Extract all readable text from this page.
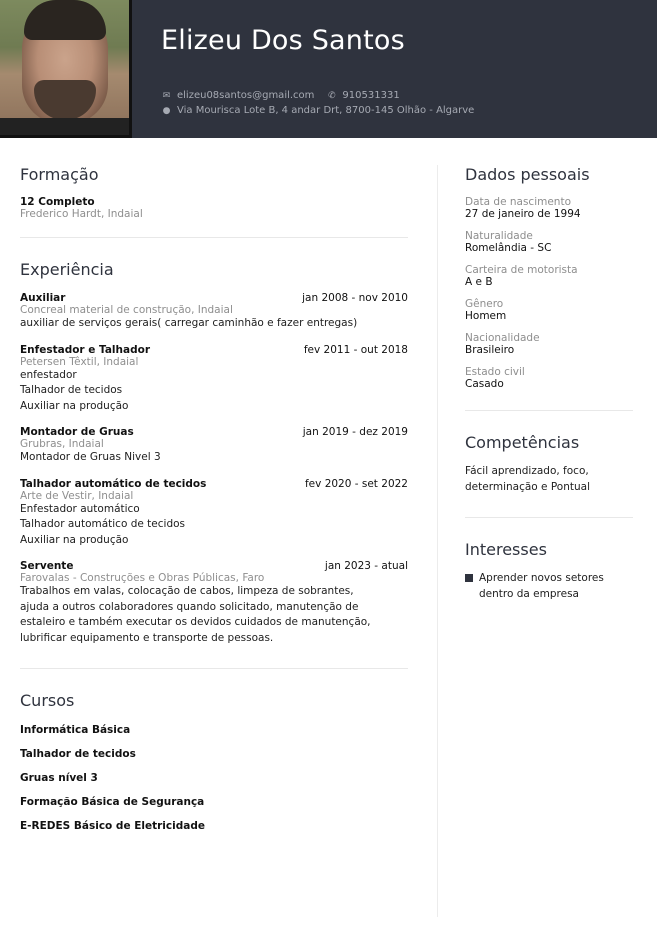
Elizeu Dos Santos
✉ elizeu08santos@gmail.com ✆ 910531331
● Via Mourisca Lote B, 4 andar Drt, 8700-145 Olhão - Algarve
Formação
12 Completo
Frederico Hardt, Indaial
Experiência
Auxiliar	jan 2008 - nov 2010
Concreal material de construção, Indaial
auxiliar de serviços gerais( carregar caminhão e fazer entregas)
Enfestador e Talhador	fev 2011 - out 2018
Petersen Têxtil, Indaial
enfestador
Talhador de tecidos
Auxiliar na produção
Montador de Gruas	jan 2019 - dez 2019
Grubras, Indaial
Montador de Gruas Nivel 3
Talhador automático de tecidos	fev 2020 - set 2022
Arte de Vestir, Indaial
Enfestador automático
Talhador automático de tecidos
Auxiliar na produção
Servente	jan 2023 - atual
Farovalas - Construções e Obras Públicas, Faro
Trabalhos em valas, colocação de cabos, limpeza de sobrantes,
ajuda a outros colaboradores quando solicitado, manutenção de
estaleiro e também executar os devidos cuidados de manutenção,
lubrificar equipamento e transporte de pessoas.
Cursos
Informática Básica
Talhador de tecidos
Gruas nível 3
Formação Básica de Segurança
E-REDES Básico de Eletricidade
Dados pessoais
Data de nascimento
27 de janeiro de 1994
Naturalidade
Romelândia - SC
Carteira de motorista
A e B
Gênero
Homem
Nacionalidade
Brasileiro
Estado civil
Casado
Competências
Fácil aprendizado, foco,
determinação e Pontual
Interesses
Aprender novos setores
dentro da empresa
